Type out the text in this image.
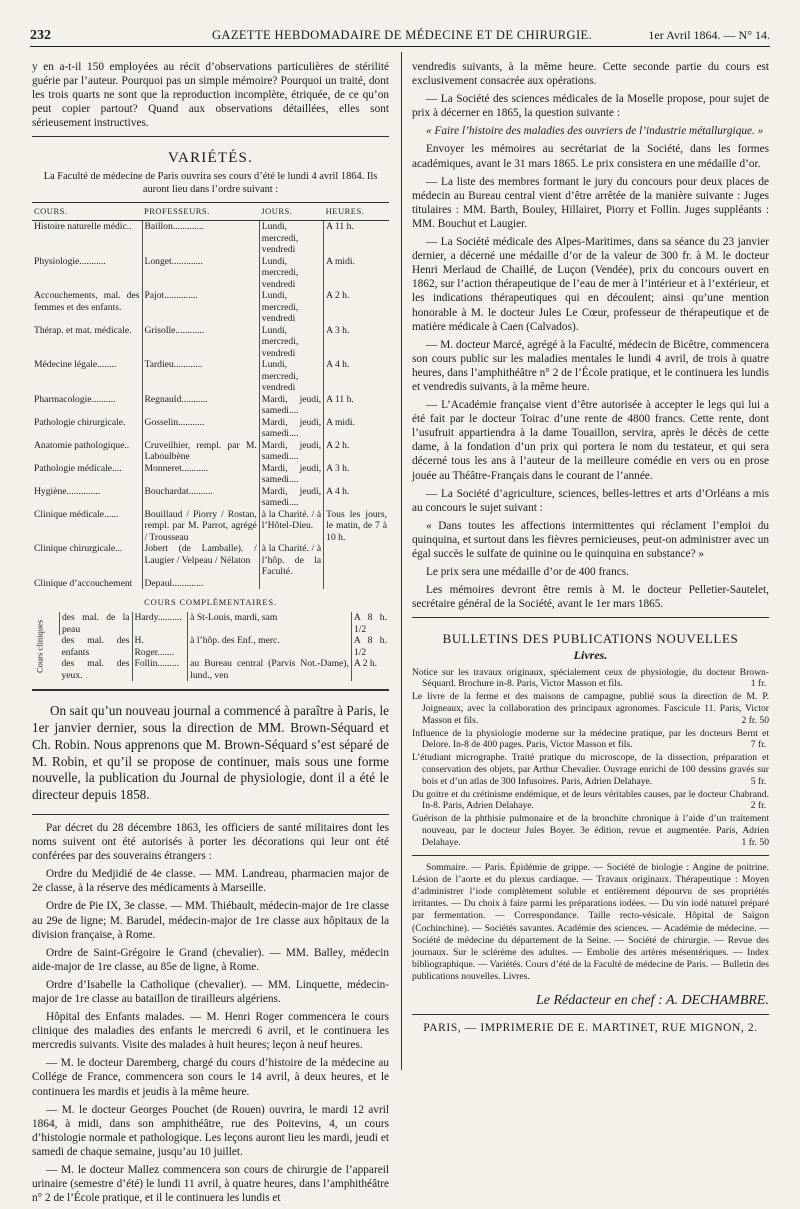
232	GAZETTE HEBDOMADAIRE DE MÉDECINE ET DE CHIRURGIE.	1er Avril 1864. — N° 14.

y en a-t-il 150 employées au récit d’observations particulières de stérilité guérie par l’auteur. Pourquoi pas un simple mémoire? Pourquoi un traité, dont les trois quarts ne sont que la reproduction incomplète, étriquée, de ce qu’on peut copier partout? Quand aux observations détaillées, elles sont sérieusement instructives.

VARIÉTÉS.
La Faculté de médecine de Paris ouvrira ses cours d’été le lundi 4 avril 1864. Ils auront lieu dans l’ordre suivant :
COURS.	PROFESSEURS.	JOURS.	HEURES.
Histoire naturelle médic..	Baillon.............	Lundi, mercredi, vendredi	A 11 h.
Physiologie...........	Longet.............	Lundi, mercredi, vendredi	A midi.
Accouchements, mal. des femmes et des enfants.	Pajot..............	Lundi, mercredi, vendredi	A 2 h.
Thérap. et mat. médicale.	Grisolle............	Lundi, mercredi, vendredi	A 3 h.
Médecine légale........	Tardieu............	Lundi, mercredi, vendredi	A 4 h.
Pharmacologie..........	Regnauld...........	Mardi, jeudi, samedi....	A 11 h.
Pathologie chirurgicale.	Gosselin...........	Mardi, jeudi, samedi....	A midi.
Anatomie pathologique..	Cruveilhier, rempl. par M. Laboulbène	Mardi, jeudi, samedi....	A 2 h.
Pathologie médicale....	Monneret...........	Mardi, jeudi, samedi....	A 3 h.
Hygiène..............	Bouchardat..........	Mardi, jeudi, samedi....	A 4 h.
Clinique médicale......	Bouillaud / Piorry / Rostan, rempl. par M. Parrot, agrégé / Trousseau	à la Charité. / à l’Hôtel-Dieu.	Tous les jours, le matin, de 7 à 10 h.
Clinique chirurgicale...	Jobert (de Lamballe). / Laugier / Velpeau / Nélaton	à la Charité. / à l’hôp. de la Faculté.	
Clinique d’accouchement	Depaul.............		
COURS COMPLÉMENTAIRES.
Cours cliniques	des mal. de la peau	Hardy..........	à St-Louis, mardi, sam	A 8 h. 1/2
	des mal. des enfants	H. Roger.......	à l’hôp. des Enf., merc.	A 8 h. 1/2
	des mal. des yeux.	Follin.........	au Bureau central (Parvis Not.-Dame), lund., ven	A 2 h.

On sait qu’un nouveau journal a commencé à paraître à Paris, le 1er janvier dernier, sous la direction de MM. Brown-Séquard et Ch. Robin. Nous apprenons que M. Brown-Séquard s’est séparé de M. Robin, et qu’il se propose de continuer, mais sous une forme nouvelle, la publication du Journal de physiologie, dont il a été le directeur depuis 1858.

Par décret du 28 décembre 1863, les officiers de santé militaires dont les noms suivent ont été autorisés à porter les décorations qui leur ont été conférées par des souverains étrangers :

Ordre du Medjidié de 4e classe. — MM. Landreau, pharmacien major de 2e classe, à la réserve des médicaments à Marseille.

Ordre de Pie IX, 3e classe. — MM. Thiébault, médecin-major de 1re classe au 29e de ligne; M. Barudel, médecin-major de 1re classe aux hôpitaux de la division française, à Rome.

Ordre de Saint-Grégoire le Grand (chevalier). — MM. Balley, médecin aide-major de 1re classe, au 85e de ligne, à Rome.

Ordre d’Isabelle la Catholique (chevalier). — MM. Linquette, médecin-major de 1re classe au bataillon de tirailleurs algériens.

Hôpital des Enfants malades. — M. Henri Roger commencera le cours clinique des maladies des enfants le mercredi 6 avril, et le continuera les mercredis suivants. Visite des malades à huit heures; leçon à neuf heures.

— M. le docteur Daremberg, chargé du cours d’histoire de la médecine au Collége de France, commencera son cours le 14 avril, à deux heures, et le continuera les mardis et jeudis à la même heure.

— M. le docteur Georges Pouchet (de Rouen) ouvrira, le mardi 12 avril 1864, à midi, dans son amphithéâtre, rue des Poitevins, 4, un cours d’histologie normale et pathologique. Les leçons auront lieu les mardi, jeudi et samedi de chaque semaine, jusqu’au 10 juillet.

— M. le docteur Mallez commencera son cours de chirurgie de l’appareil urinaire (semestre d’été) le lundi 11 avril, à quatre heures, dans l’amphithéâtre n° 2 de l’École pratique, et il le continuera les lundis et

vendredis suivants, à la même heure. Cette seconde partie du cours est exclusivement consacrée aux opérations.

— La Société des sciences médicales de la Moselle propose, pour sujet de prix à décerner en 1865, la question suivante :

« Faire l’histoire des maladies des ouvriers de l’industrie métallurgique. »

Envoyer les mémoires au secrétariat de la Société, dans les formes académiques, avant le 31 mars 1865. Le prix consistera en une médaille d’or.

— La liste des membres formant le jury du concours pour deux places de médecin au Bureau central vient d’être arrêtée de la manière suivante : Juges titulaires : MM. Barth, Bouley, Hillairet, Piorry et Follin. Juges suppléants : MM. Bouchut et Laugier.

— La Société médicale des Alpes-Maritimes, dans sa séance du 23 janvier dernier, a décerné une médaille d’or de la valeur de 300 fr. à M. le docteur Henri Merlaud de Chaillé, de Luçon (Vendée), prix du concours ouvert en 1862, sur l’action thérapeutique de l’eau de mer à l’intérieur et à l’extérieur, et les indications thérapeutiques qui en découlent; ainsi qu’une mention honorable à M. le docteur Jules Le Cœur, professeur de thérapeutique et de matière médicale à Caen (Calvados).

— M. docteur Marcé, agrégé à la Faculté, médecin de Bicêtre, commencera son cours public sur les maladies mentales le lundi 4 avril, de trois à quatre heures, dans l’amphithéâtre n° 2 de l’École pratique, et le continuera les lundis et vendredis suivants, à la même heure.

— L’Académie française vient d’être autorisée à accepter le legs qui lui a été fait par le docteur Toirac d’une rente de 4800 francs. Cette rente, dont l’usufruit appartiendra à la dame Touaillon, servira, après le décès de cette dame, à la fondation d’un prix qui portera le nom du testateur, et qui sera décerné tous les ans à l’auteur de la meilleure comédie en vers ou en prose jouée au Théâtre-Français dans le courant de l’année.

— La Société d’agriculture, sciences, belles-lettres et arts d’Orléans a mis au concours le sujet suivant :

« Dans toutes les affections intermittentes qui réclament l’emploi du quinquina, et surtout dans les fièvres pernicieuses, peut-on administrer avec un égal succès le sulfate de quinine ou le quinquina en substance? »

Le prix sera une médaille d’or de 400 francs.

Les mémoires devront être remis à M. le docteur Pelletier-Sautelet, secrétaire général de la Société, avant le 1er mars 1865.

BULLETINS DES PUBLICATIONS NOUVELLES
Livres.
Notice sur les travaux originaux, spécialement ceux de physiologie, du docteur Brown-Séquard. Brochure in-8. Paris, Victor Masson et fils.	1 fr.
Le livre de la ferme et des maisons de campagne, publié sous la direction de M. P. Joigneaux, avec la collaboration des principaux agronomes. Fascicule 11. Paris, Victor Masson et fils.	2 fr. 50
Influence de la physiologie moderne sur la médecine pratique, par les docteurs Bernt et Delore. In-8 de 400 pages. Paris, Victor Masson et fils.	7 fr.
L’étudiant micrographe. Traité pratique du microscope, de la dissection, préparation et conservation des objets, par Arthur Chevalier. Ouvrage enrichi de 100 dessins gravés sur bois et d’un atlas de 300 Infusoires. Paris, Adrien Delahaye.	5 fr.
Du goitre et du crétinisme endémique, et de leurs véritables causes, par le docteur Chabrand. In-8. Paris, Adrien Delahaye.	2 fr.
Guérison de la phthisie pulmonaire et de la bronchite chronique à l’aide d’un traitement nouveau, par le docteur Jules Boyer. 3e édition, revue et augmentée. Paris, Adrien Delahaye.	1 fr. 50

Sommaire. — Paris. Épidémie de grippe. — Société de biologie : Angine de poitrine. Lésion de l’aorte et du plexus cardiaque. — Travaux originaux. Thérapeutique : Moyen d’administrer l’iode complètement soluble et entièrement dépourvu de ses propriétés irritantes. — Du choix à faire parmi les préparations iodées. — Du vin iodé naturel préparé par fermentation. — Correspondance. Taille recto-vésicale. Hôpital de Saïgon (Cochinchine). — Sociétés savantes. Académie des sciences. — Académie de médecine. — Société de médecine du département de la Seine. — Société de chirurgie. — Revue des journaux. Sur le sclérème des adultes. — Embolie des artères mésentériques. — Index bibliographique. — Variétés. Cours d’été de la Faculté de médecine de Paris. — Bulletin des publications nouvelles. Livres.

Le Rédacteur en chef : A. DECHAMBRE.
PARIS, — IMPRIMERIE DE E. MARTINET, RUE MIGNON, 2.
